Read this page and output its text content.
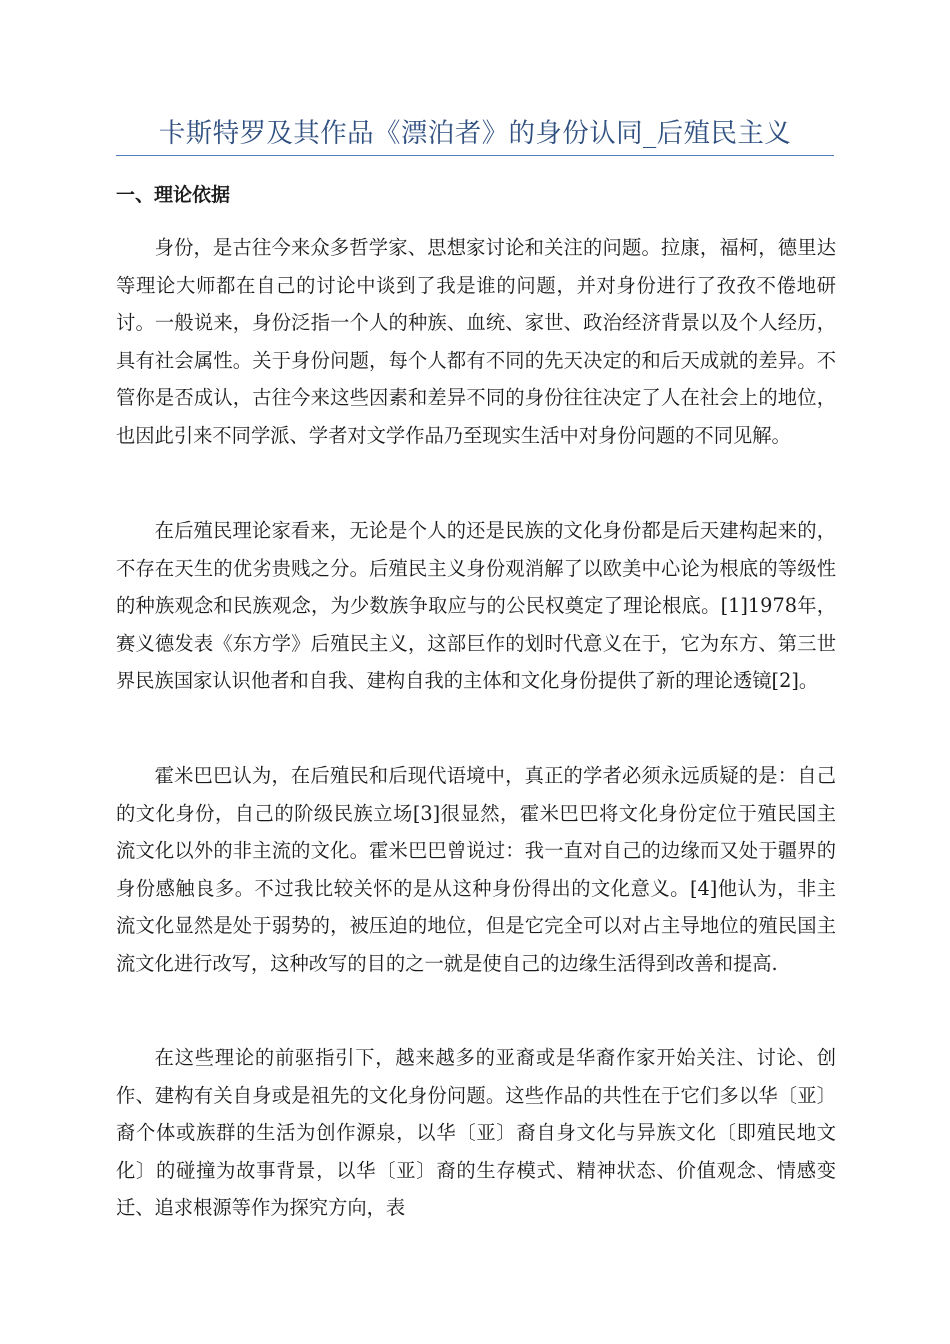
卡斯特罗及其作品《漂泊者》的身份认同_后殖民主义
一、理论依据

身份，是古往今来众多哲学家、思想家讨论和关注的问题。拉康，福柯，德里达等理论大师都在自己的讨论中谈到了我是谁的问题，并对身份进行了孜孜不倦地研讨。一般说来，身份泛指一个人的种族、血统、家世、政治经济背景以及个人经历，具有社会属性。关于身份问题，每个人都有不同的先天决定的和后天成就的差异。不管你是否成认，古往今来这些因素和差异不同的身份往往决定了人在社会上的地位，也因此引来不同学派、学者对文学作品乃至现实生活中对身份问题的不同见解。

在后殖民理论家看来，无论是个人的还是民族的文化身份都是后天建构起来的，不存在天生的优劣贵贱之分。后殖民主义身份观消解了以欧美中心论为根底的等级性的种族观念和民族观念，为少数族争取应与的公民权奠定了理论根底。[1]1978年，赛义德发表《东方学》后殖民主义，这部巨作的划时代意义在于，它为东方、第三世界民族国家认识他者和自我、建构自我的主体和文化身份提供了新的理论透镜[2]。

霍米巴巴认为，在后殖民和后现代语境中，真正的学者必须永远质疑的是：自己的文化身份，自己的阶级民族立场[3]很显然，霍米巴巴将文化身份定位于殖民国主流文化以外的非主流的文化。霍米巴巴曾说过：我一直对自己的边缘而又处于疆界的身份感触良多。不过我比较关怀的是从这种身份得出的文化意义。[4]他认为，非主流文化显然是处于弱势的，被压迫的地位，但是它完全可以对占主导地位的殖民国主流文化进行改写，这种改写的目的之一就是使自己的边缘生活得到改善和提高.

在这些理论的前驱指引下，越来越多的亚裔或是华裔作家开始关注、讨论、创作、建构有关自身或是祖先的文化身份问题。这些作品的共性在于它们多以华〔亚〕裔个体或族群的生活为创作源泉，以华〔亚〕裔自身文化与异族文化〔即殖民地文化〕的碰撞为故事背景，以华〔亚〕裔的生存模式、精神状态、价值观念、情感变迁、追求根源等作为探究方向，表
